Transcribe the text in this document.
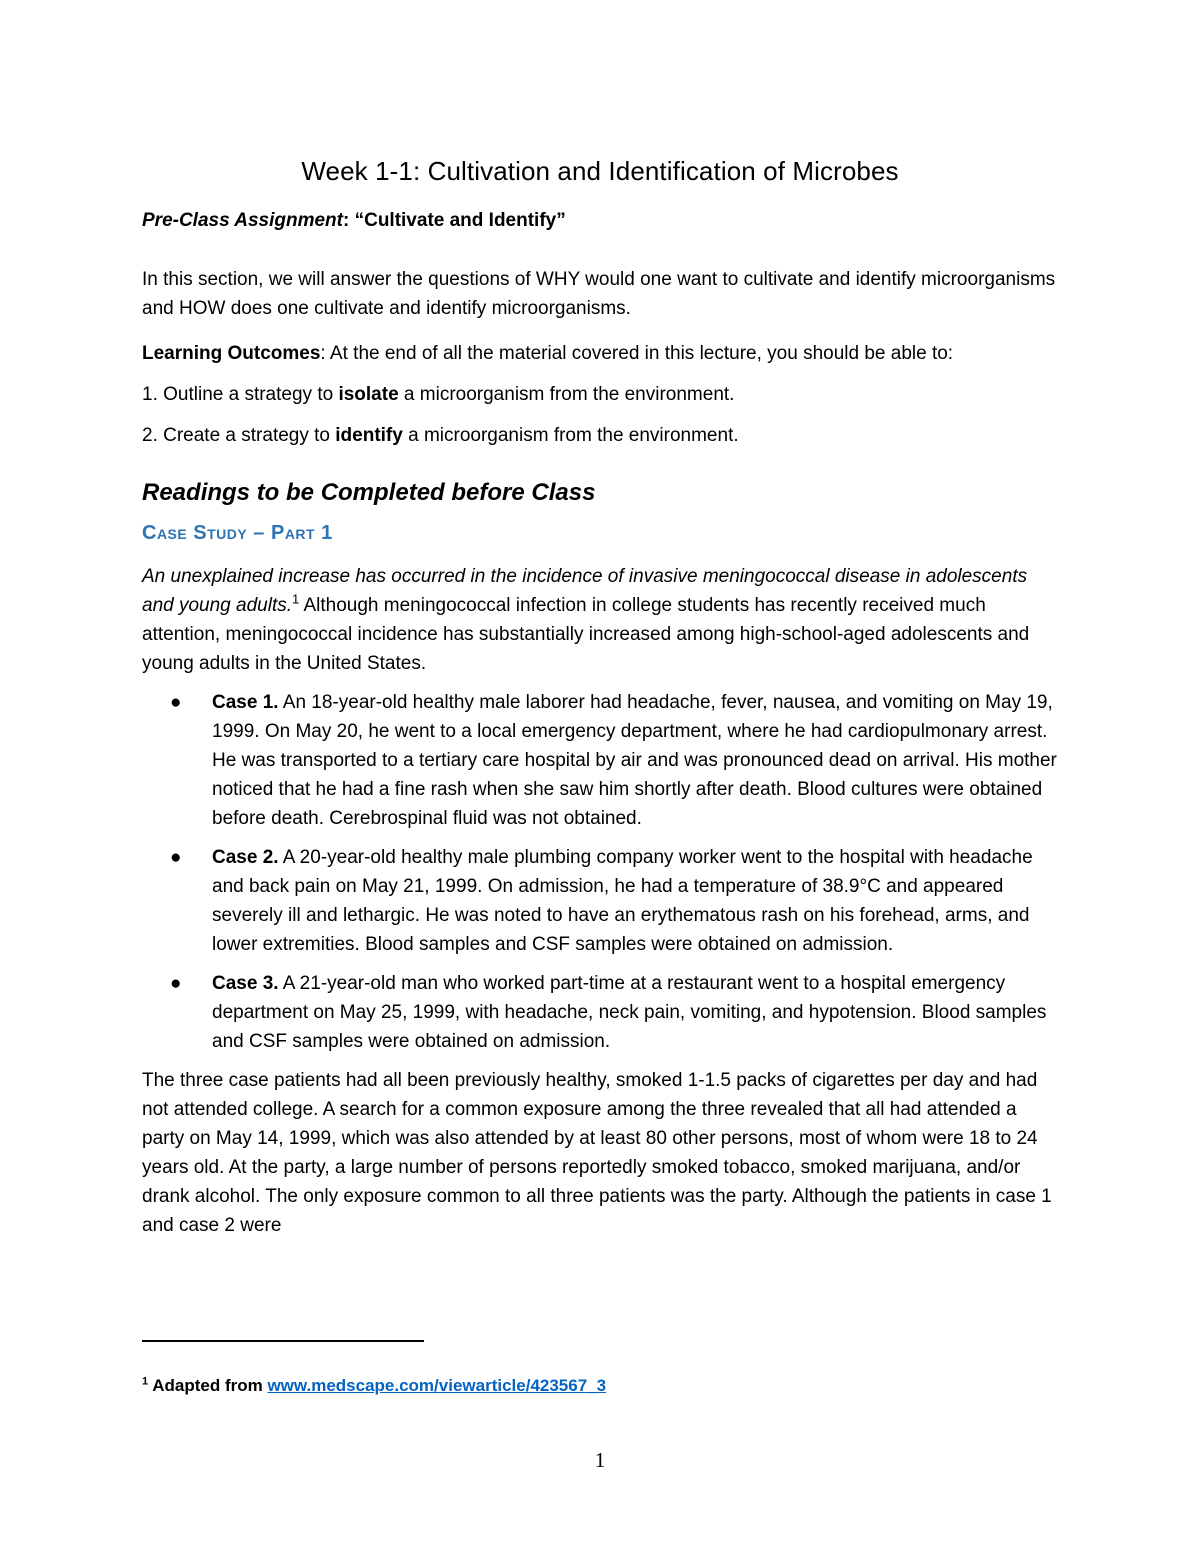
Week 1-1: Cultivation and Identification of Microbes

Pre-Class Assignment: “Cultivate and Identify”

In this section, we will answer the questions of WHY would one want to cultivate and identify microorganisms and HOW does one cultivate and identify microorganisms.

Learning Outcomes: At the end of all the material covered in this lecture, you should be able to:

1. Outline a strategy to isolate a microorganism from the environment.

2. Create a strategy to identify a microorganism from the environment.

Readings to be Completed before Class
Case Study – Part 1

An unexplained increase has occurred in the incidence of invasive meningococcal disease in adolescents and young adults.$^1$ Although meningococcal infection in college students has recently received much attention, meningococcal incidence has substantially increased among high-school-aged adolescents and young adults in the United States.

● Case 1. An 18-year-old healthy male laborer had headache, fever, nausea, and vomiting on May 19, 1999. On May 20, he went to a local emergency department, where he had cardiopulmonary arrest. He was transported to a tertiary care hospital by air and was pronounced dead on arrival. His mother noticed that he had a fine rash when she saw him shortly after death. Blood cultures were obtained before death. Cerebrospinal fluid was not obtained.
● Case 2. A 20-year-old healthy male plumbing company worker went to the hospital with headache and back pain on May 21, 1999. On admission, he had a temperature of 38.9°C and appeared severely ill and lethargic. He was noted to have an erythematous rash on his forehead, arms, and lower extremities. Blood samples and CSF samples were obtained on admission.
● Case 3. A 21-year-old man who worked part-time at a restaurant went to a hospital emergency department on May 25, 1999, with headache, neck pain, vomiting, and hypotension. Blood samples and CSF samples were obtained on admission.

The three case patients had all been previously healthy, smoked 1-1.5 packs of cigarettes per day and had not attended college. A search for a common exposure among the three revealed that all had attended a party on May 14, 1999, which was also attended by at least 80 other persons, most of whom were 18 to 24 years old. At the party, a large number of persons reportedly smoked tobacco, smoked marijuana, and/or drank alcohol. The only exposure common to all three patients was the party. Although the patients in case 1 and case 2 were

$^1$ Adapted from www.medscape.com/viewarticle/423567_3
1
